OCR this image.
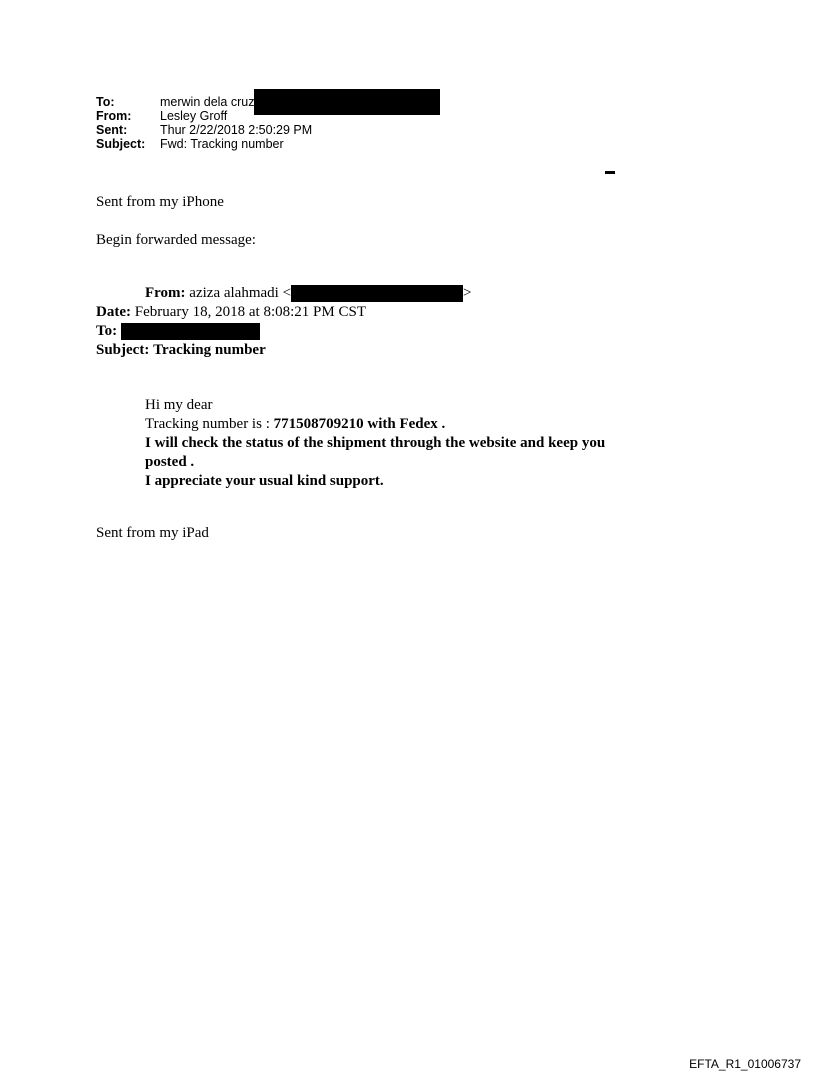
To:	merwin dela cruz
From:	Lesley Groff
Sent:	Thur 2/22/2018 2:50:29 PM
Subject:	Fwd: Tracking number
Sent from my iPhone
Begin forwarded message:
From: aziza alahmadi <	>
Date: February 18, 2018 at 8:08:21 PM CST
To:
Subject: Tracking number
Hi my dear
Tracking number is : 771508709210 with Fedex .
I will check the status of the shipment through the website and keep you
posted .
I appreciate your usual kind support.
Sent from my iPad
EFTA_R1_01006737
